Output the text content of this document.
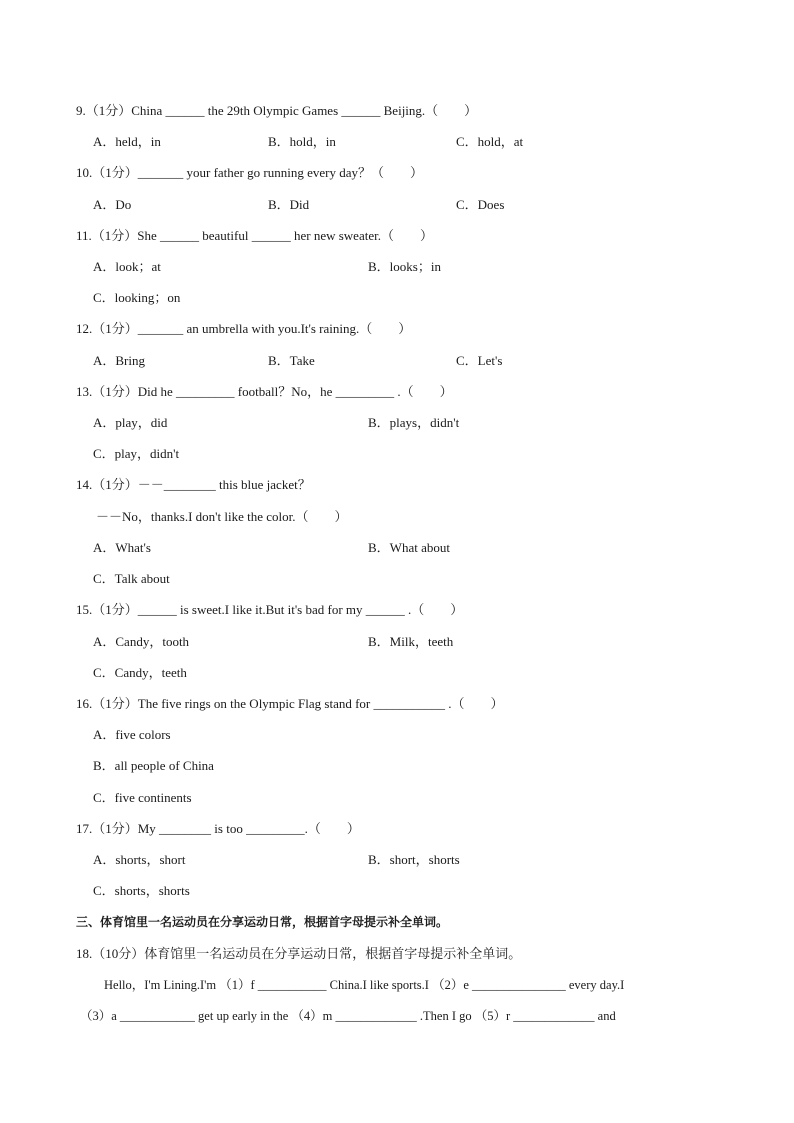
9.（1分）China ______ the 29th Olympic Games ______ Beijing.（　　）
A．held，in	B．hold，in	C．hold，at
10.（1分）_______ your father go running every day？（　　）
A．Do	B．Did	C．Does
11.（1分）She ______ beautiful ______ her new sweater.（　　）
A．look；at	B．looks；in
C．looking；on
12.（1分）_______ an umbrella with you.It's raining.（　　）
A．Bring	B．Take	C．Let's
13.（1分）Did he _________ football？No，he _________ .（　　）
A．play，did	B．plays，didn't
C．play，didn't
14.（1分）－－________ this blue jacket？
－－No，thanks.I don't like the color.（　　）
A．What's	B．What about
C．Talk about
15.（1分）______ is sweet.I like it.But it's bad for my ______ .（　　）
A．Candy，tooth	B．Milk，teeth
C．Candy，teeth
16.（1分）The five rings on the Olympic Flag stand for ___________ .（　　）
A．five colors
B．all people of China
C．five continents
17.（1分）My ________ is too _________.（　　）
A．shorts，short	B．short，shorts
C．shorts，shorts
三、体育馆里一名运动员在分享运动日常，根据首字母提示补全单词。
18.（10分）体育馆里一名运动员在分享运动日常，根据首字母提示补全单词。
Hello，I'm Lining.I'm （1）f ___________ China.I like sports.I （2）e _______________ every day.I
（3）a ____________ get up early in the （4）m _____________ .Then I go （5）r _____________ and
